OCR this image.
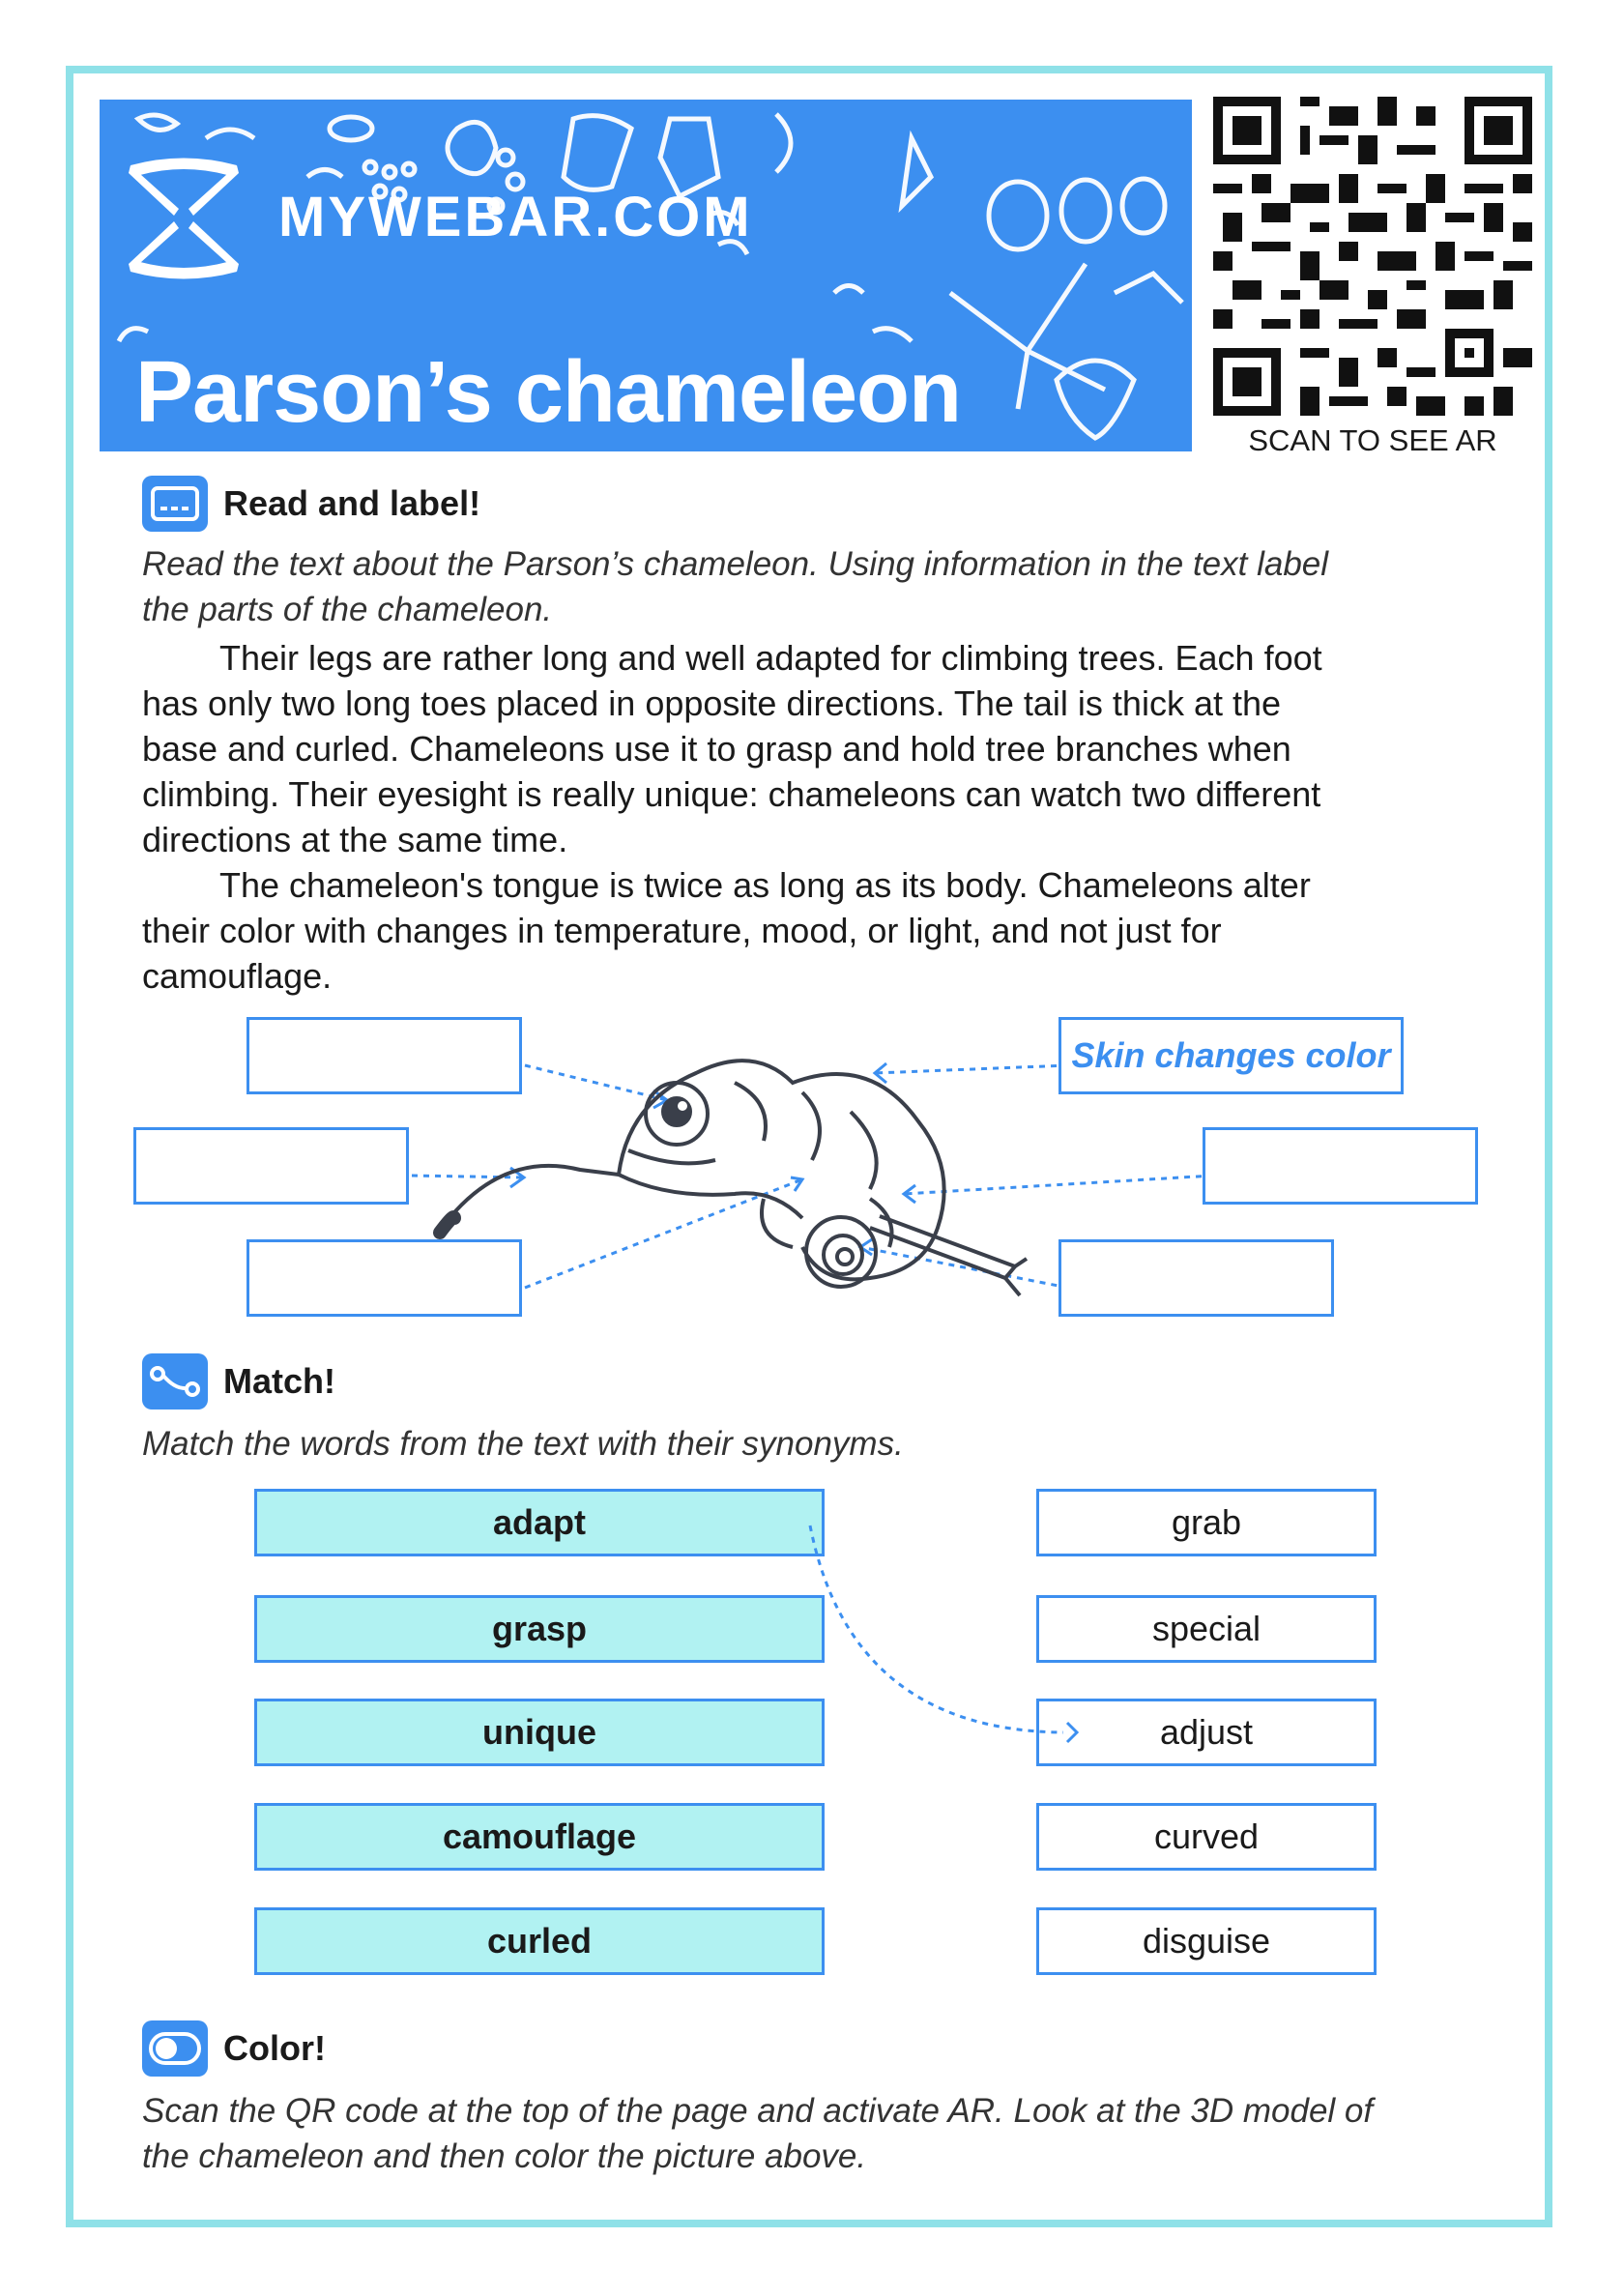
MYWEBAR.COM
Parson’s chameleon	SCAN TO SEE AR
Read and label!
Read the text about the Parson’s chameleon. Using information in the text label
the parts of the chameleon.
Their legs are rather long and well adapted for climbing trees. Each foot
has only two long toes placed in opposite directions. The tail is thick at the
base and curled. Chameleons use it to grasp and hold tree branches when
climbing. Their eyesight is really unique: chameleons can watch two different
directions at the same time.
The chameleon's tongue is twice as long as its body. Chameleons alter
their color with changes in temperature, mood, or light, and not just for
camouflage.
Skin changes color
Match!
Match the words from the text with their synonyms.
adapt
grasp
unique
camouflage
curled
grab
special
adjust
curved
disguise
Color!
Scan the QR code at the top of the page and activate AR. Look at the 3D model of
the chameleon and then color the picture above.
